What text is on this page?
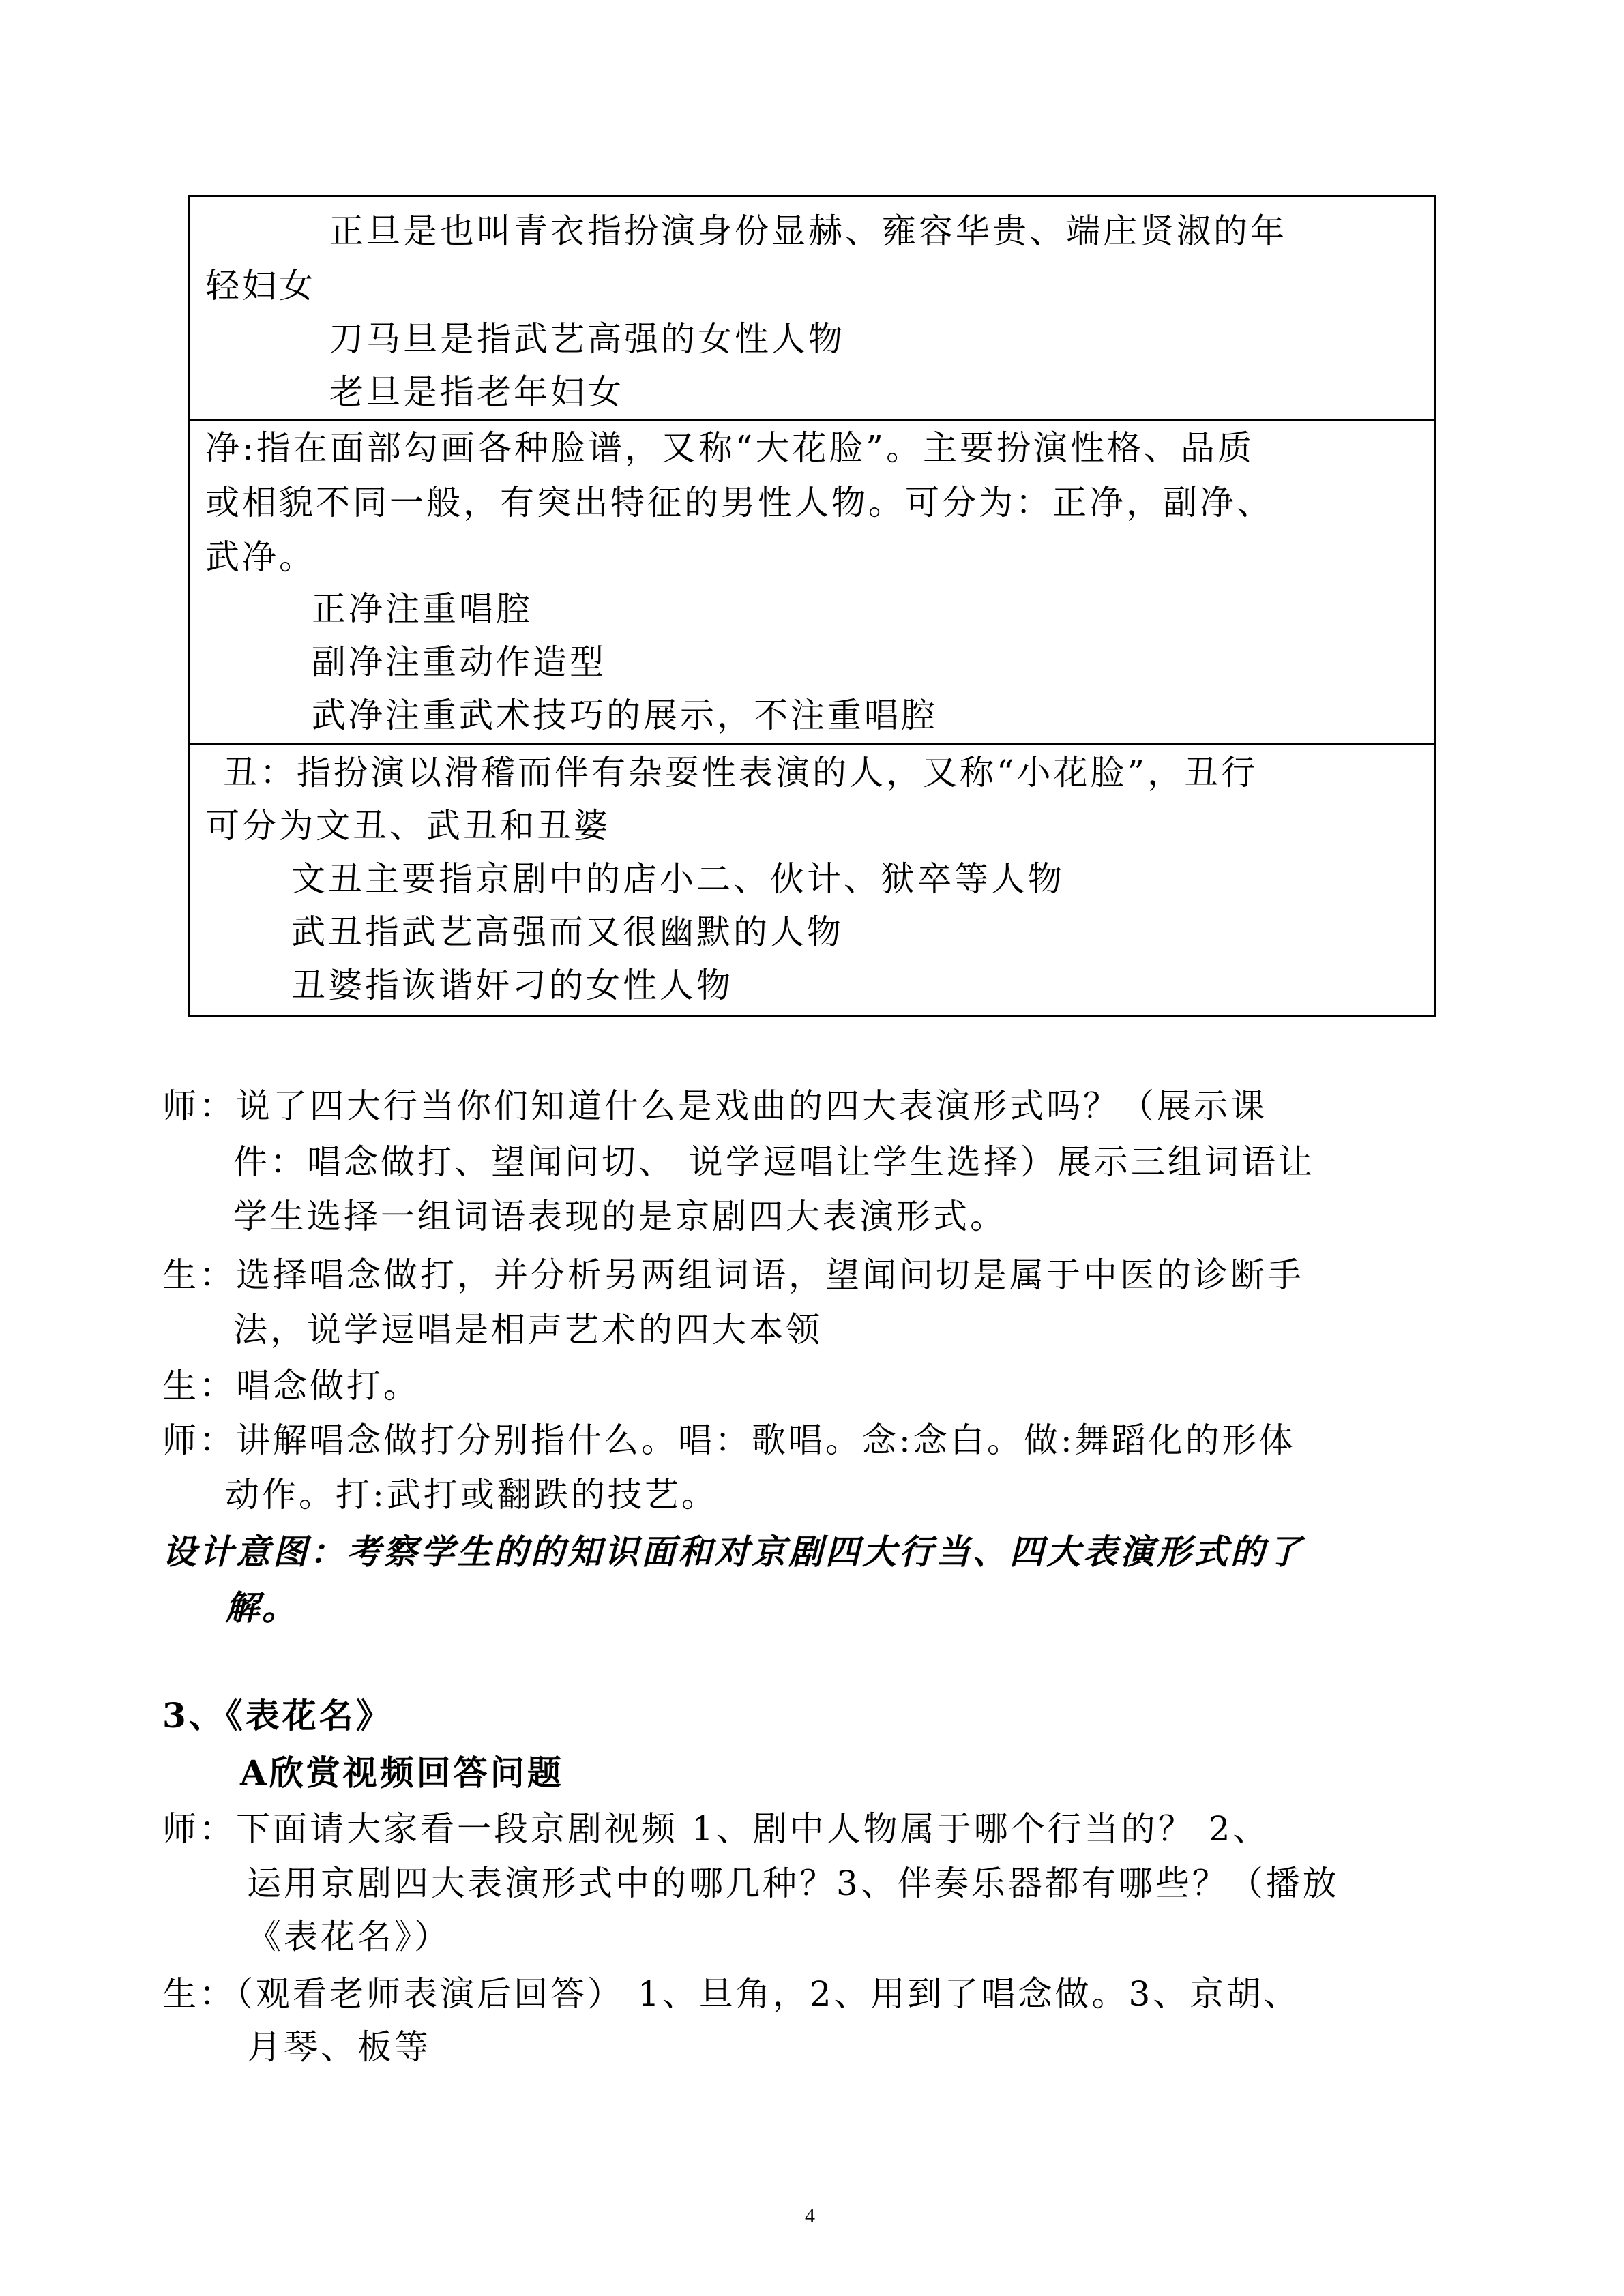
正旦是也叫青衣指扮演身份显赫、雍容华贵、端庄贤淑的年
轻妇女
刀马旦是指武艺高强的女性人物
老旦是指老年妇女
净:指在面部勾画各种脸谱，又称“大花脸”。主要扮演性格、品质
或相貌不同一般，有突出特征的男性人物。可分为：正净，副净、
武净。
正净注重唱腔
副净注重动作造型
武净注重武术技巧的展示，不注重唱腔
丑：指扮演以滑稽而伴有杂耍性表演的人，又称“小花脸”，丑行
可分为文丑、武丑和丑婆
文丑主要指京剧中的店小二、伙计、狱卒等人物
武丑指武艺高强而又很幽默的人物
丑婆指诙谐奸刁的女性人物
师：说了四大行当你们知道什么是戏曲的四大表演形式吗？（展示课
件：唱念做打、望闻问切、 说学逗唱让学生选择）展示三组词语让
学生选择一组词语表现的是京剧四大表演形式。
生：选择唱念做打，并分析另两组词语，望闻问切是属于中医的诊断手
法，说学逗唱是相声艺术的四大本领
生：唱念做打。
师：讲解唱念做打分别指什么。唱：歌唱。念:念白。做:舞蹈化的形体
动作。打:武打或翻跌的技艺。
设计意图：考察学生的的知识面和对京剧四大行当、四大表演形式的了
解。
3、《表花名》
A欣赏视频回答问题
师：下面请大家看一段京剧视频 1、剧中人物属于哪个行当的？ 2、
运用京剧四大表演形式中的哪几种？3、伴奏乐器都有哪些？（播放
《表花名》）
生：（观看老师表演后回答） 1、旦角，2、用到了唱念做。3、京胡、
月琴、板等
4
